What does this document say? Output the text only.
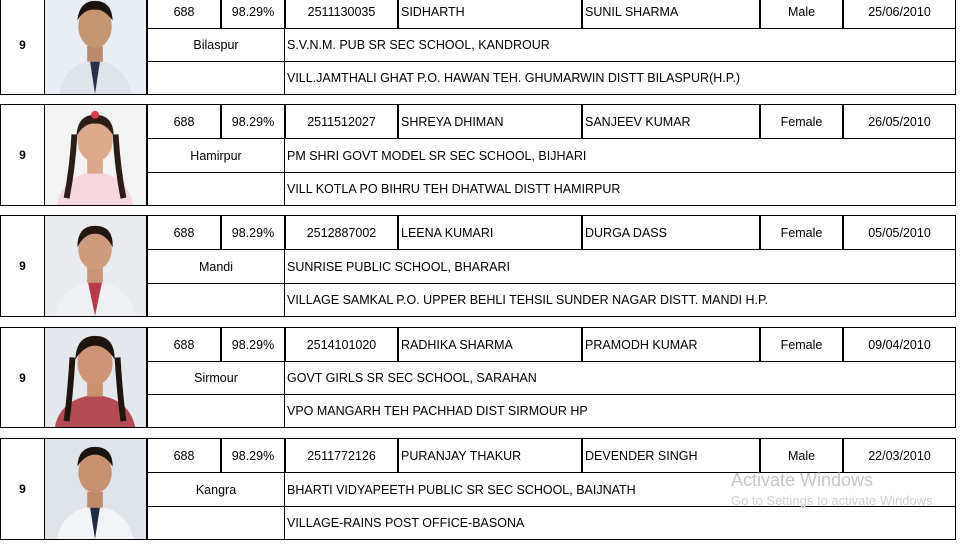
9
688	98.29%	2511130035	SIDHARTH	SUNIL SHARMA	Male	25/06/2010
Bilaspur	S.V.N.M. PUB SR SEC SCHOOL, KANDROUR
VILL.JAMTHALI GHAT P.O. HAWAN TEH. GHUMARWIN DISTT BILASPUR(H.P.)
9
688	98.29%	2511512027	SHREYA DHIMAN	SANJEEV KUMAR	Female	26/05/2010
Hamirpur	PM SHRI GOVT MODEL SR SEC SCHOOL, BIJHARI
VILL KOTLA PO BIHRU TEH DHATWAL DISTT HAMIRPUR
9
688	98.29%	2512887002	LEENA KUMARI	DURGA DASS	Female	05/05/2010
Mandi	SUNRISE PUBLIC SCHOOL, BHARARI
VILLAGE SAMKAL P.O. UPPER BEHLI TEHSIL SUNDER NAGAR DISTT. MANDI H.P.
9
688	98.29%	2514101020	RADHIKA SHARMA	PRAMODH KUMAR	Female	09/04/2010
Sirmour	GOVT GIRLS SR SEC SCHOOL, SARAHAN
VPO MANGARH TEH PACHHAD DIST SIRMOUR HP
9
688	98.29%	2511772126	PURANJAY THAKUR	DEVENDER SINGH	Male	22/03/2010
Kangra	BHARTI VIDYAPEETH PUBLIC SR SEC SCHOOL, BAIJNATH
VILLAGE-RAINS POST OFFICE-BASONA
Activate Windows
Go to Settings to activate Windows.
